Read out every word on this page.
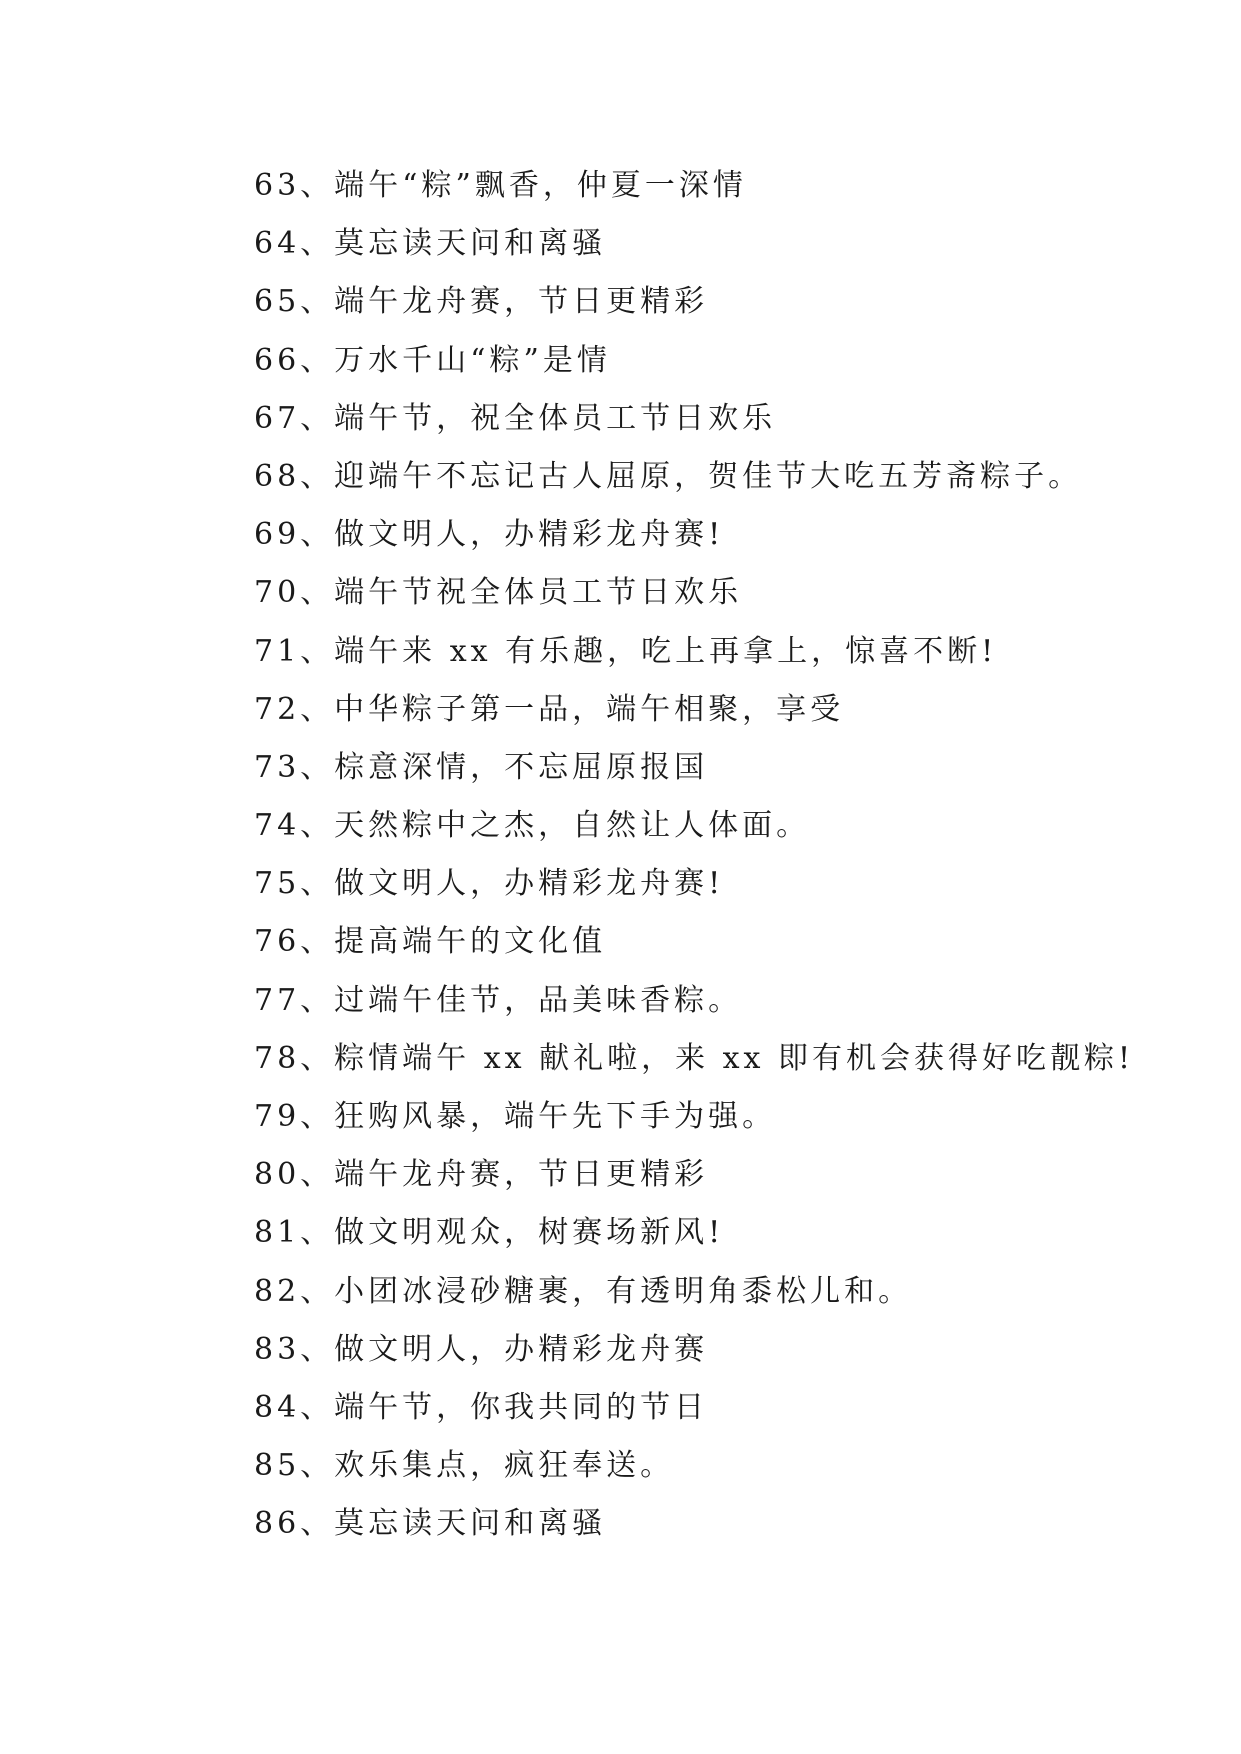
63、端午“粽”飘香，仲夏一深情
64、莫忘读天问和离骚
65、端午龙舟赛，节日更精彩
66、万水千山“粽”是情
67、端午节，祝全体员工节日欢乐
68、迎端午不忘记古人屈原，贺佳节大吃五芳斋粽子。
69、做文明人，办精彩龙舟赛!
70、端午节祝全体员工节日欢乐
71、端午来 xx 有乐趣，吃上再拿上，惊喜不断!
72、中华粽子第一品，端午相聚，享受
73、棕意深情，不忘屈原报国
74、天然粽中之杰，自然让人体面。
75、做文明人，办精彩龙舟赛!
76、提高端午的文化值
77、过端午佳节，品美味香粽。
78、粽情端午 xx 献礼啦，来 xx 即有机会获得好吃靓粽!
79、狂购风暴，端午先下手为强。
80、端午龙舟赛，节日更精彩
81、做文明观众，树赛场新风!
82、小团冰浸砂糖裹，有透明角黍松儿和。
83、做文明人，办精彩龙舟赛
84、端午节，你我共同的节日
85、欢乐集点，疯狂奉送。
86、莫忘读天问和离骚
